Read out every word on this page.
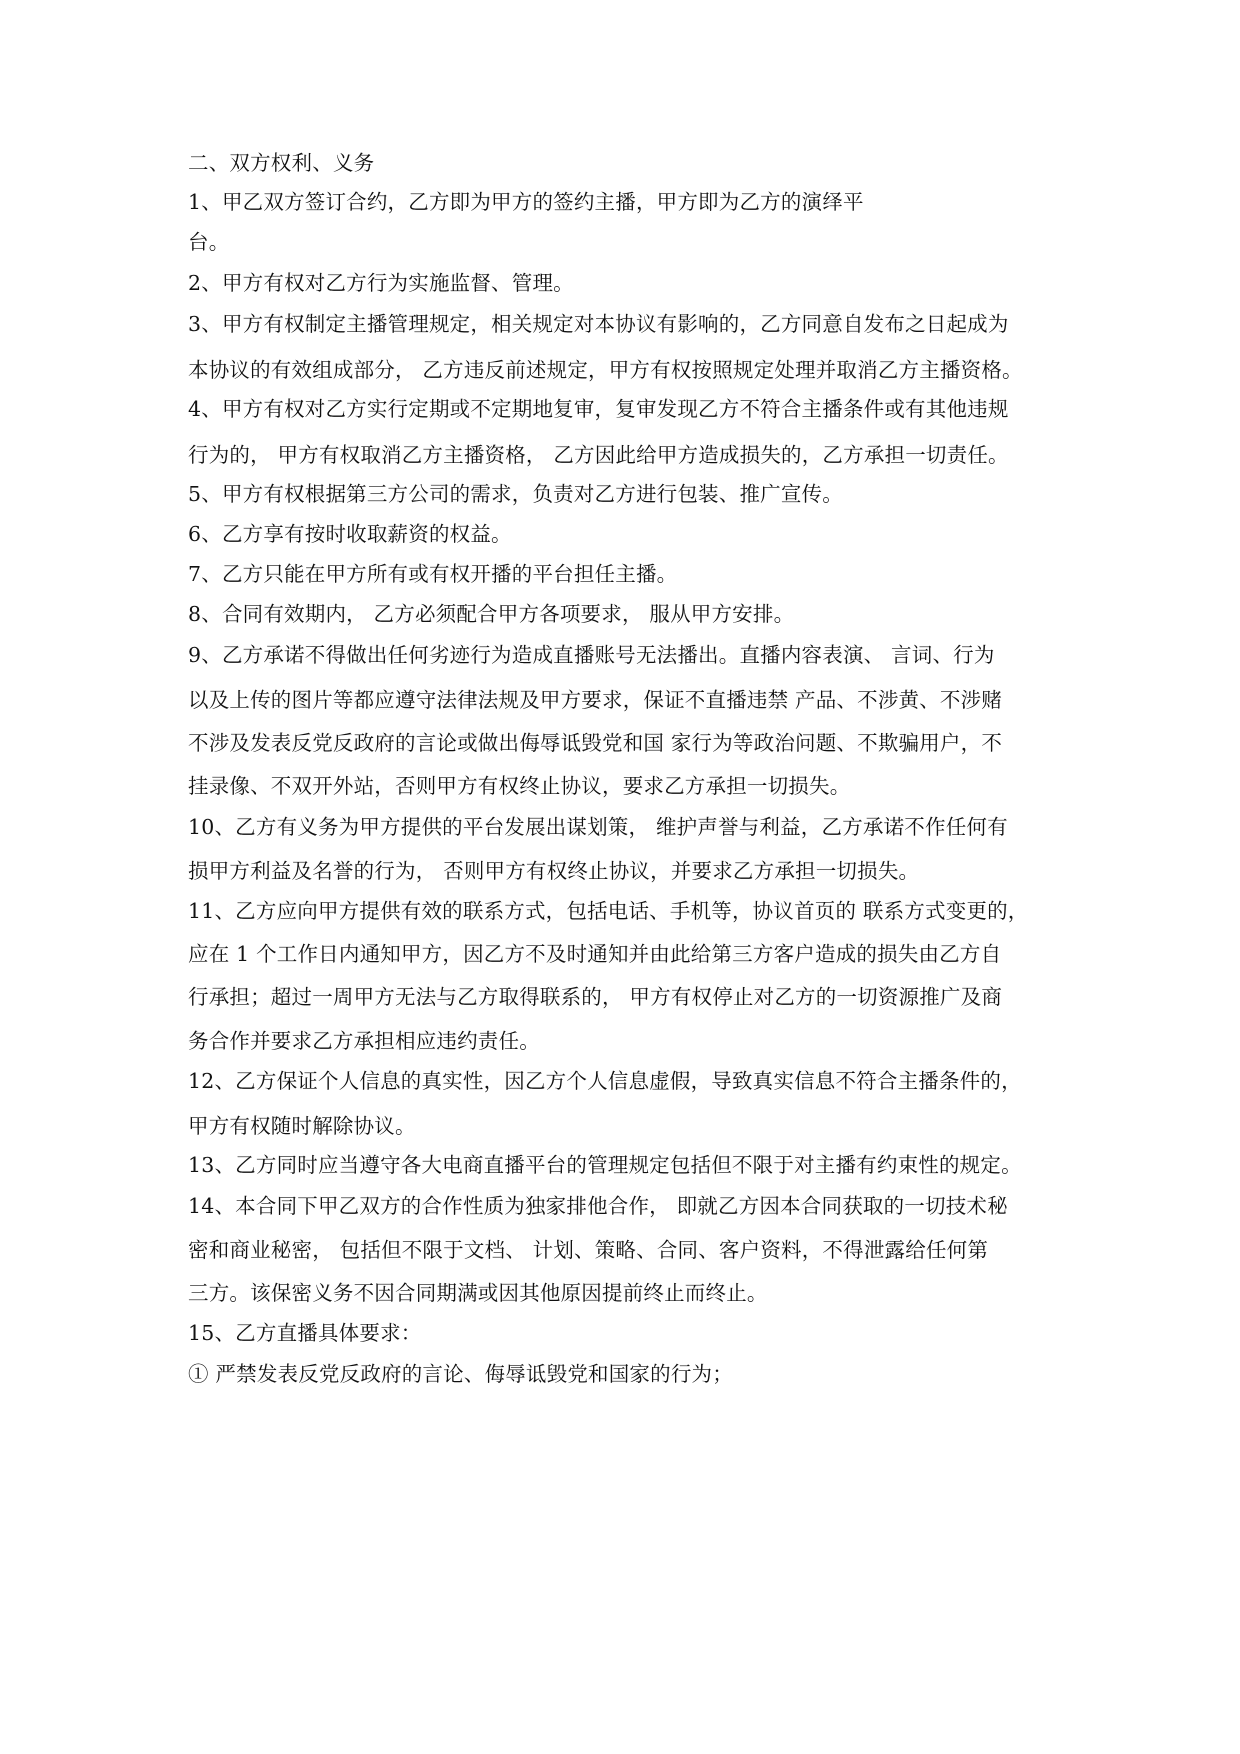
二、双方权利、义务
1、甲乙双方签订合约，乙方即为甲方的签约主播，甲方即为乙方的演绎平
台。
2、甲方有权对乙方行为实施监督、管理。
3、甲方有权制定主播管理规定，相关规定对本协议有影响的，乙方同意自发布之日起成为
本协议的有效组成部分， 乙方违反前述规定，甲方有权按照规定处理并取消乙方主播资格。
4、甲方有权对乙方实行定期或不定期地复审，复审发现乙方不符合主播条件或有其他违规
行为的， 甲方有权取消乙方主播资格， 乙方因此给甲方造成损失的，乙方承担一切责任。
5、甲方有权根据第三方公司的需求，负责对乙方进行包装、推广宣传。
6、乙方享有按时收取薪资的权益。
7、乙方只能在甲方所有或有权开播的平台担任主播。
8、合同有效期内， 乙方必须配合甲方各项要求， 服从甲方安排。
9、乙方承诺不得做出任何劣迹行为造成直播账号无法播出。直播内容表演、 言词、行为
以及上传的图片等都应遵守法律法规及甲方要求，保证不直播违禁 产品、不涉黄、不涉赌
不涉及发表反党反政府的言论或做出侮辱诋毁党和国 家行为等政治问题、不欺骗用户，不
挂录像、不双开外站，否则甲方有权终止协议，要求乙方承担一切损失。
10、乙方有义务为甲方提供的平台发展出谋划策， 维护声誉与利益，乙方承诺不作任何有
损甲方利益及名誉的行为， 否则甲方有权终止协议，并要求乙方承担一切损失。
11、乙方应向甲方提供有效的联系方式，包括电话、手机等，协议首页的 联系方式变更的，
应在 1 个工作日内通知甲方，因乙方不及时通知并由此给第三方客户造成的损失由乙方自
行承担；超过一周甲方无法与乙方取得联系的， 甲方有权停止对乙方的一切资源推广及商
务合作并要求乙方承担相应违约责任。
12、乙方保证个人信息的真实性，因乙方个人信息虚假，导致真实信息不符合主播条件的，
甲方有权随时解除协议。
13、乙方同时应当遵守各大电商直播平台的管理规定包括但不限于对主播有约束性的规定。
14、本合同下甲乙双方的合作性质为独家排他合作， 即就乙方因本合同获取的一切技术秘
密和商业秘密， 包括但不限于文档、 计划、策略、合同、客户资料，不得泄露给任何第
三方。该保密义务不因合同期满或因其他原因提前终止而终止。
15、乙方直播具体要求：
① 严禁发表反党反政府的言论、侮辱诋毁党和国家的行为；
